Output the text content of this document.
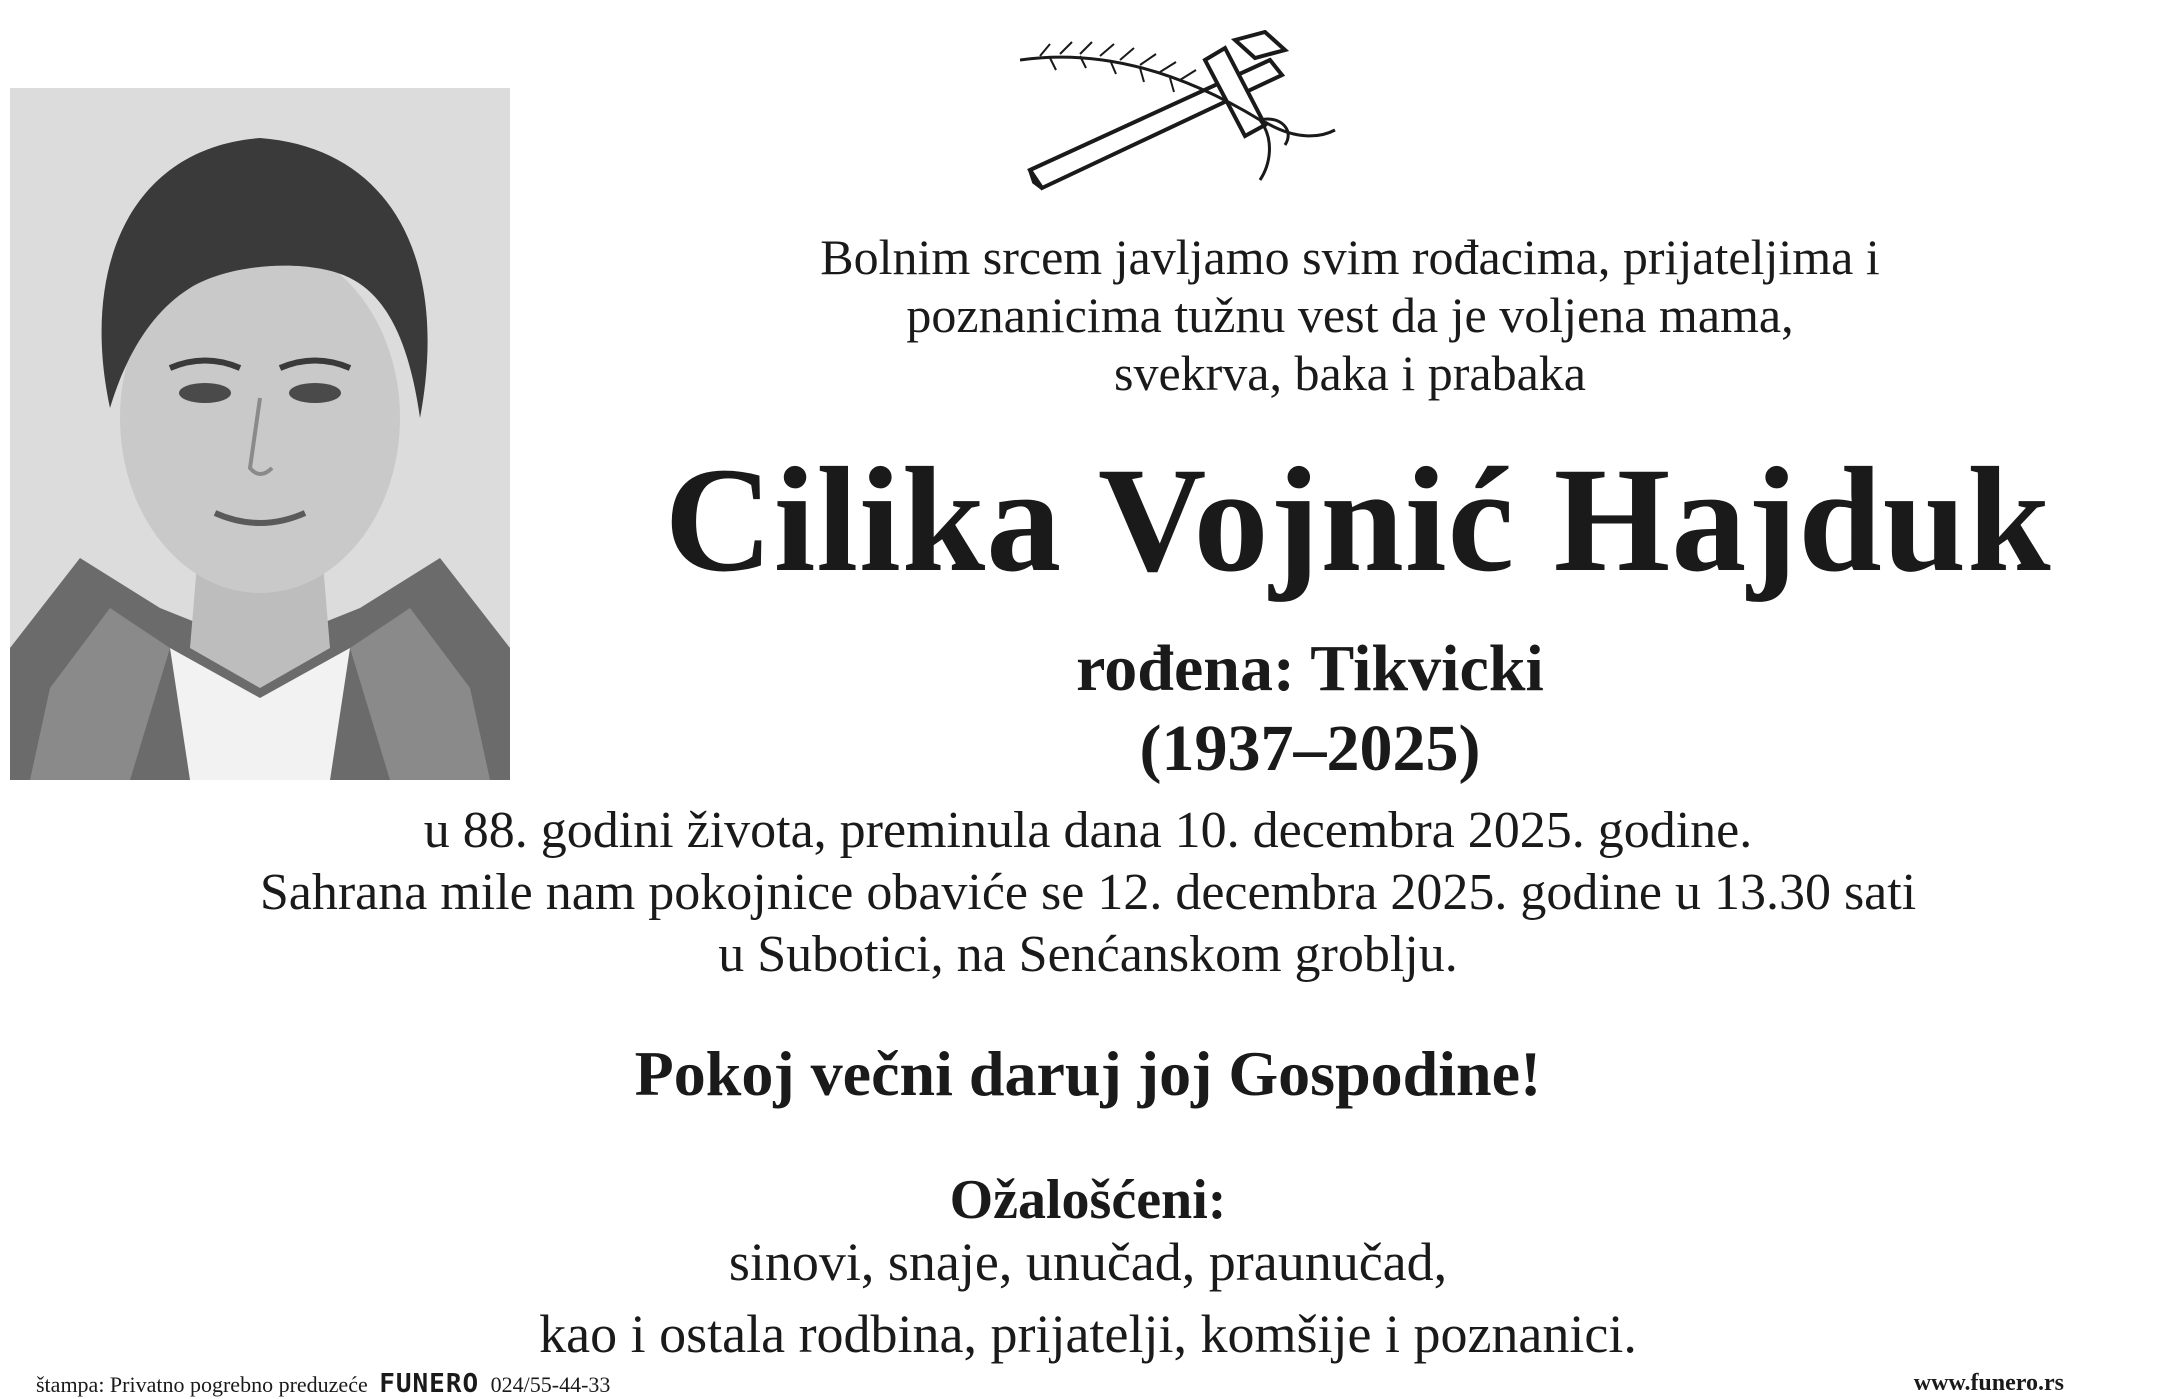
Bolnim srcem javljamo svim rođacima, prijateljima i
poznanicima tužnu vest da je voljena mama,
svekrva, baka i prabaka
Cilika Vojnić Hajduk
rođena: Tikvicki
(1937–2025)
u 88. godini života, preminula dana 10. decembra 2025. godine.
Sahrana mile nam pokojnice obaviće se 12. decembra 2025. godine u 13.30 sati
u Subotici, na Senćanskom groblju.
Pokoj večni daruj joj Gospodine!
Ožalošćeni:
sinovi, snaje, unučad, praunučad,
kao i ostala rodbina, prijatelji, komšije i poznanici.
štampa: Privatno pogrebno preduzeće FUNERO 024/55-44-33	www.funero.rs
